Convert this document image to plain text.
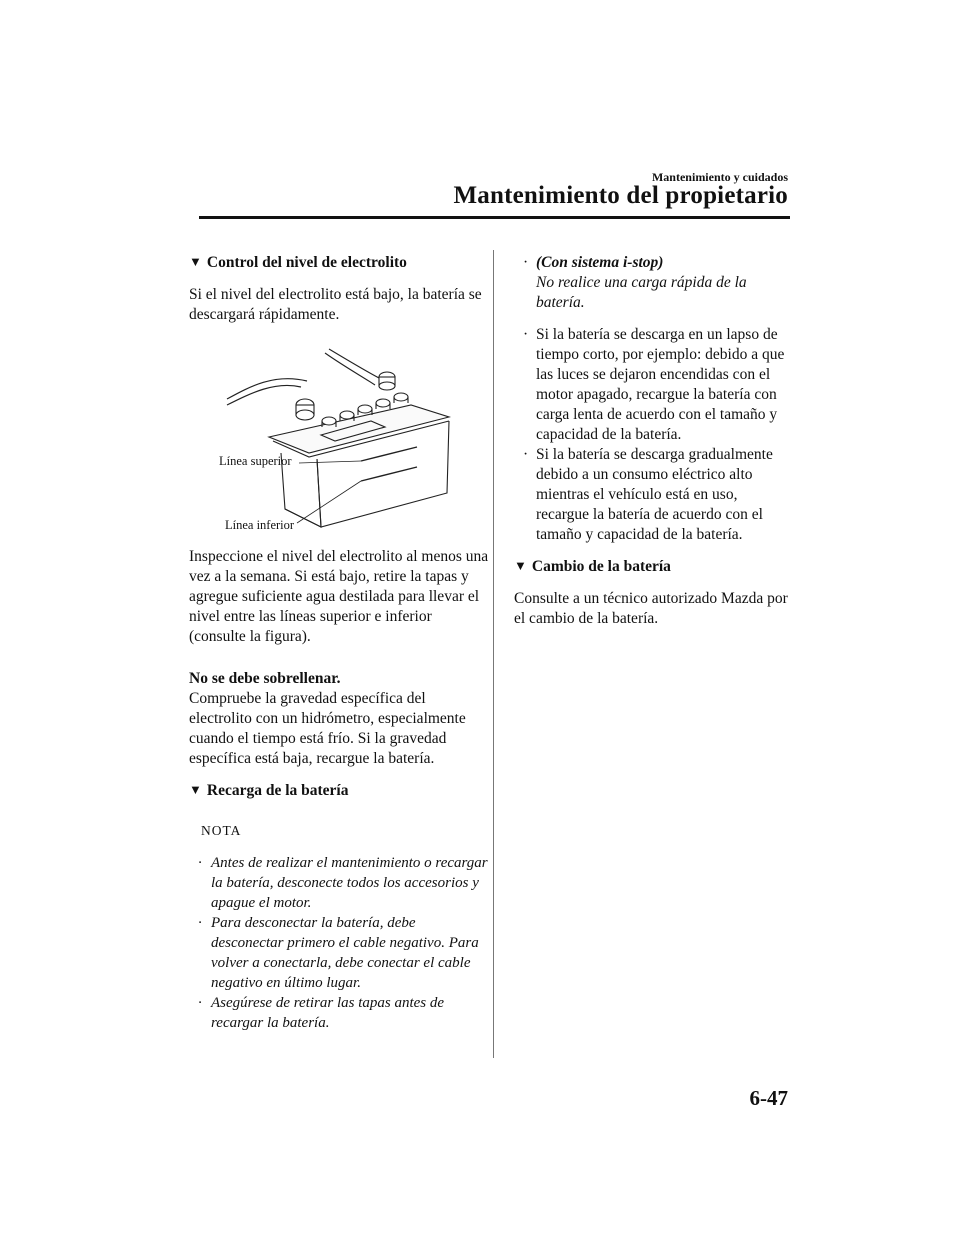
Mantenimiento y cuidados
Mantenimiento del propietario
▼ Control del nivel de electrolito

Si el nivel del electrolito está bajo, la batería se descargará rápidamente.

Línea superior
Línea inferior

Inspeccione el nivel del electrolito al menos una vez a la semana. Si está bajo, retire la tapas y agregue suficiente agua destilada para llevar el nivel entre las líneas superior e inferior (consulte la figura).

No se debe sobrellenar.

Compruebe la gravedad específica del electrolito con un hidrómetro, especialmente cuando el tiempo está frío. Si la gravedad específica está baja, recargue la batería.

▼ Recarga de la batería
NOTA
· Antes de realizar el mantenimiento o recargar la batería, desconecte todos los accesorios y apague el motor.
· Para desconectar la batería, debe desconectar primero el cable negativo. Para volver a conectarla, debe conectar el cable negativo en último lugar.
· Asegúrese de retirar las tapas antes de recargar la batería.
· (Con sistema i-stop)
No realice una carga rápida de la batería.
· Si la batería se descarga en un lapso de tiempo corto, por ejemplo: debido a que las luces se dejaron encendidas con el motor apagado, recargue la batería con carga lenta de acuerdo con el tamaño y capacidad de la batería.
· Si la batería se descarga gradualmente debido a un consumo eléctrico alto mientras el vehículo está en uso, recargue la batería de acuerdo con el tamaño y capacidad de la batería.
▼ Cambio de la batería

Consulte a un técnico autorizado Mazda por el cambio de la batería.

6-47
